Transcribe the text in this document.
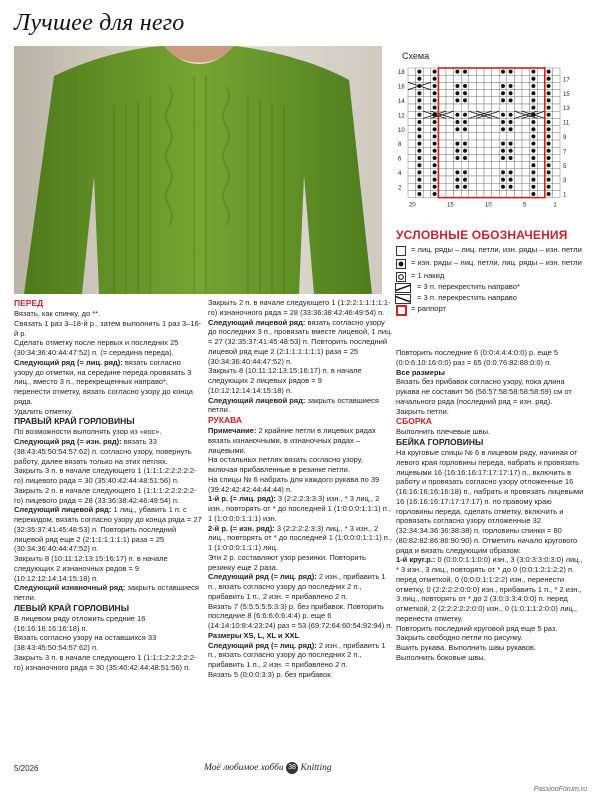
Лучшее для него
Схема
18
16
14
12
10
8
6
4
2
17
15
13
11
9
7
5
3
1
20	15	10	5	1
УСЛОВНЫЕ ОБОЗНАЧЕНИЯ
= лиц. ряды – лиц. петли, изн. ряды – изн. петли
= изн. ряды – лиц. петли, лиц. ряды – изн. петли
= 1 накид
= 3 п. перекрестить направо*
= 3 п. перекрестить направо
= раппорт

ПЕРЕД

Вязать, как спинку, до **.

Связать 1 раз 3–18-й р., затем выполнить 1 раз 3–16-й р.

Сделать отметку после первых и последних 25 (30:34:36:40:44:47:52) п. (= середина переда).

Следующий ряд (= лиц. ряд): вязать согласно узору до отметки, на середине переда провязать 3 лиц., вместо 3 п., перекрещенных направо*, перенести отметку, вязать согласно узору до конца ряда.

Удалить отметку.

ПРАВЫЙ КРАЙ ГОРЛОВИНЫ

По возможности выполнять узор из «кос».

Следующий ряд (= изн. ряд): вязать 33 (38:43:45:50:54:57:62) п. согласно узору, повернуть работу, далее вязать только на этих петлях.

Закрыть 3 п. в начале следующего 1 (1:1:1:2:2:2:2:2-го) лицевого ряда = 30 (35:40:42:44:48:51:56) п.

Закрыть 2 п. в начале следующего 1 (1:1:1:2:2:2:2:2-го) лицевого ряда = 28 (33:36:38:42:46:49:54) п.

Следующий лицевой ряд: 1 лиц., убавить 1 п. с перекидом, вязать согласно узору до конца ряда = 27 (32:35:37:41:45:48:53) п. Повторить последний лицевой ряд еще 2 (2:1:1:1:1:1:1) раза = 25 (30:34:36:40:44:47:52) п.

Закрыть 8 (10:11:12:13:15:16:17) п. в начале следующих 2 изнаночных рядов = 9 (10:12:12:14:14:15:18) п.

Следующий изнаночный ряд: закрыть оставшиеся петли.

ЛЕВЫЙ КРАЙ ГОРЛОВИНЫ

В лицевом ряду отложить средние 16 (16:16:16:16:16:18) п.

Вязать согласно узору на оставшихся 33 (38:43:45:50:54:57:62) п.

Закрыть 3 п. в начале следующего 1 (1:1:1:2:2:2:2:2-го) изнаночного ряда = 30 (35:40:42:44:48:51:56) п.

Закрыть 2 п. в начале следующего 1 (1:2:2:1:1:1:1:1-го) изнаночного ряда = 28 (33:36:38:42:46:49:54) п.

Следующий лицевой ряд: вязать согласно узору до последних 3 п., провязать вместе лицевой, 1 лиц. = 27 (32:35:37:41:45:48:53) п. Повторить последний лицевой ряд еще 2 (2:1:1:1:1:1:1) раза = 25 (30:34:36:40:44:47:52) п.

Закрыть 8 (10:11:12:13:15:16:17) п. в начале следующих 2 лицевых рядов = 9 (10:12:12:14:14:15:18) п.

Следующий лицевой ряд: закрыть оставшиеся петли.

РУКАВА

Примечание: 2 крайние петли в лицевых рядах вязать изнаночными, в изнаночных рядах – лицевыми.

На остальных петлях вязать согласно узору, включая прибавленные в резинке петли.

На спицы № 6 набрать для каждого рукава по 39 (39:42:42:42:44:44:44) п.

1-й р. (= лиц. ряд): 3 (2:2:2:3:3:3) изн., * 3 лиц., 2 изн., повторять от * до последней 1 (1:0:0:0:1:1:1) п., 1 (1:0:0:0:1:1:1) изн.

2-й р. (= изн. ряд): 3 (2:2:2:2:3:3) лиц., * 3 изн., 2 лиц., повторять от * до последней 1 (1:0:0:0:1:1:1) п., 1 (1:0:0:0:1:1:1) лиц.

Эти 2 р. составляют узор резинки. Повторить резинку еще 2 раза.

Следующий ряд (= лиц. ряд): 2 изн., прибавить 1 п., вязать согласно узору до последних 2 п., прибавить 1 п., 2 изн. = прибавлено 2 п.

Вязать 7 (5:5:5:5:5:3:3) р. без прибавок. Повторить последние 8 (6:6:6:6:6:4:4) р. еще 6 (14:14:10:8:4:23:24) раз = 53 (69:72:64:60:54:92:94) п.

Размеры XS, L, XL и XXL

Следующий ряд (= лиц. ряд): 2 изн., прибавить 1 п., вязать согласно узору до последних 2 п., прибавить 1 п., 2 изн. = прибавлено 2 п.

Вязать 5 (0:0:0:3:3) р. без прибавок.

Повторить последние 6 (0:0:4:4:4:0:0) р. еще 5 (0:0:6:10:16:0:0) раз = 65 (0:0:76:82:88:0:0) п.

Все размеры

Вязать без прибавок согласно узору, пока длина рукава не составит 56 (56:57:58:58:58:58:59) см от начального ряда (последний ряд = изн. ряд).

Закрыть петли.

СБОРКА

Выполнить плечевые швы.

БЕЙКА ГОРЛОВИНЫ

На круговые спицы № 6 в лицевом ряду, начиная от левого края горловины переда, набрать и провязать лицевыми 16 (16:16:16:17:17:17:17) п., включить в работу и провязать согласно узору отложенные 16 (16:16:16:16:16:18) п., набрать и провязать лицевыми 16 (16:16:16:17:17:17:17) п. по правому краю горловины переда, сделать отметку, включить и провязать согласно узору отложенные 32 (32:34:34:36:36:38:38) п. горловины спинки = 80 (80:82:82:86:86:90:90) п. Отметить начало кругового ряда и вязать следующим образом:

1-й круг.р.: 0 (0:0:0:1:1:0:0) изн., 3 (3:0:3:3:0:3:0) лиц., * 3 изн., 3 лиц., повторять от * до 0 (0:0:1:2:1:2:2) п. перед отметкой, 0 (0:0:0:1:1:2:2) изн., перенести отметку, 0 (2:2:2:2:0:0:0) изн., прибавить 1 п., * 2 изн., 3 лиц., повторять от * до 2 (3:0:3:3:4:0:0) п. перед отметкой, 2 (2:2:2:2:2:0:0) изн., 0 (1:0:1:1:2:0:0) лиц., перенести отметку.

Повторить последний круговой ряд еще 5 раз.

Закрыть свободно петли по рисунку.

Вшить рукава. Выполнить швы рукавов.

Выполнить боковые швы.

5/2026	Моё любимое хобби 38 Knitting
PassionForum.ru
